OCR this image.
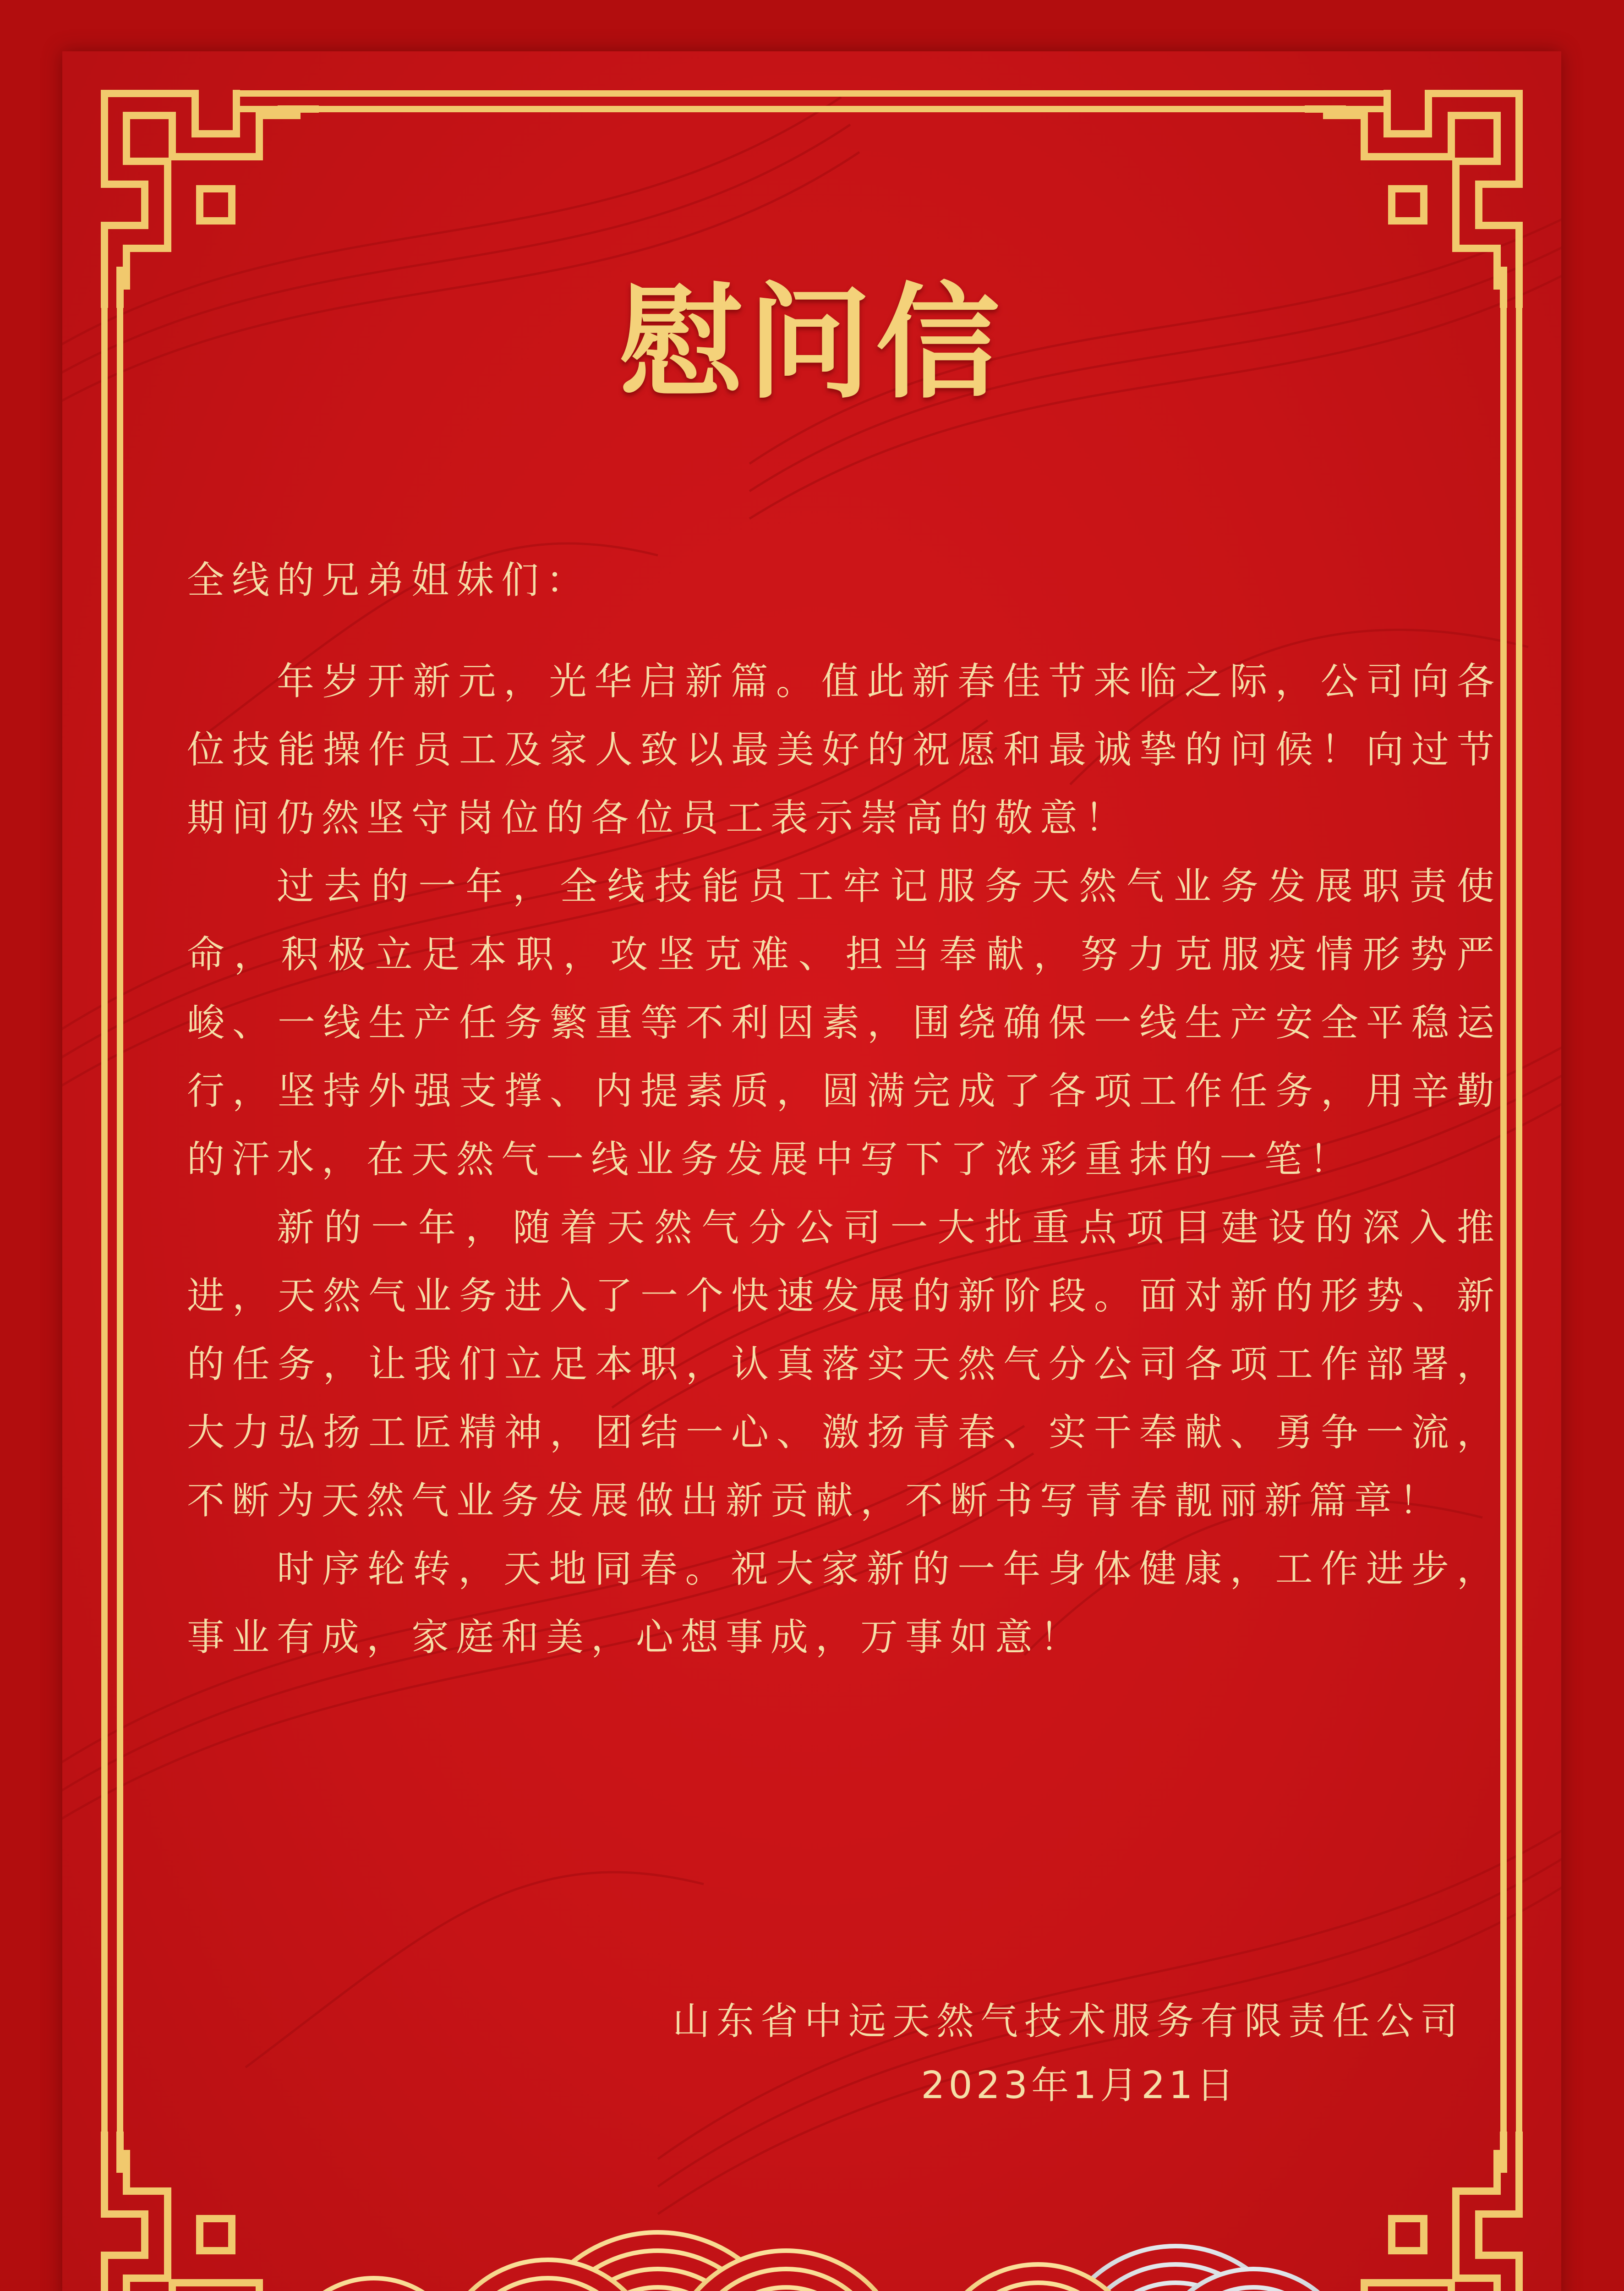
慰问信

全线的兄弟姐妹们：

年岁开新元，光华启新篇。值此新春佳节来临之际，公司向各位技能操作员工及家人致以最美好的祝愿和最诚挚的问候！向过节期间仍然坚守岗位的各位员工表示崇高的敬意！

过去的一年，全线技能员工牢记服务天然气业务发展职责使命，积极立足本职，攻坚克难、担当奉献，努力克服疫情形势严峻、一线生产任务繁重等不利因素，围绕确保一线生产安全平稳运行，坚持外强支撑、内提素质，圆满完成了各项工作任务，用辛勤的汗水，在天然气一线业务发展中写下了浓彩重抹的一笔！

新的一年，随着天然气分公司一大批重点项目建设的深入推进，天然气业务进入了一个快速发展的新阶段。面对新的形势、新的任务，让我们立足本职，认真落实天然气分公司各项工作部署，大力弘扬工匠精神，团结一心、激扬青春、实干奉献、勇争一流，不断为天然气业务发展做出新贡献，不断书写青春靓丽新篇章！

时序轮转，天地同春。祝大家新的一年身体健康，工作进步，事业有成，家庭和美，心想事成，万事如意！

山东省中远天然气技术服务有限责任公司
2023年1月21日
